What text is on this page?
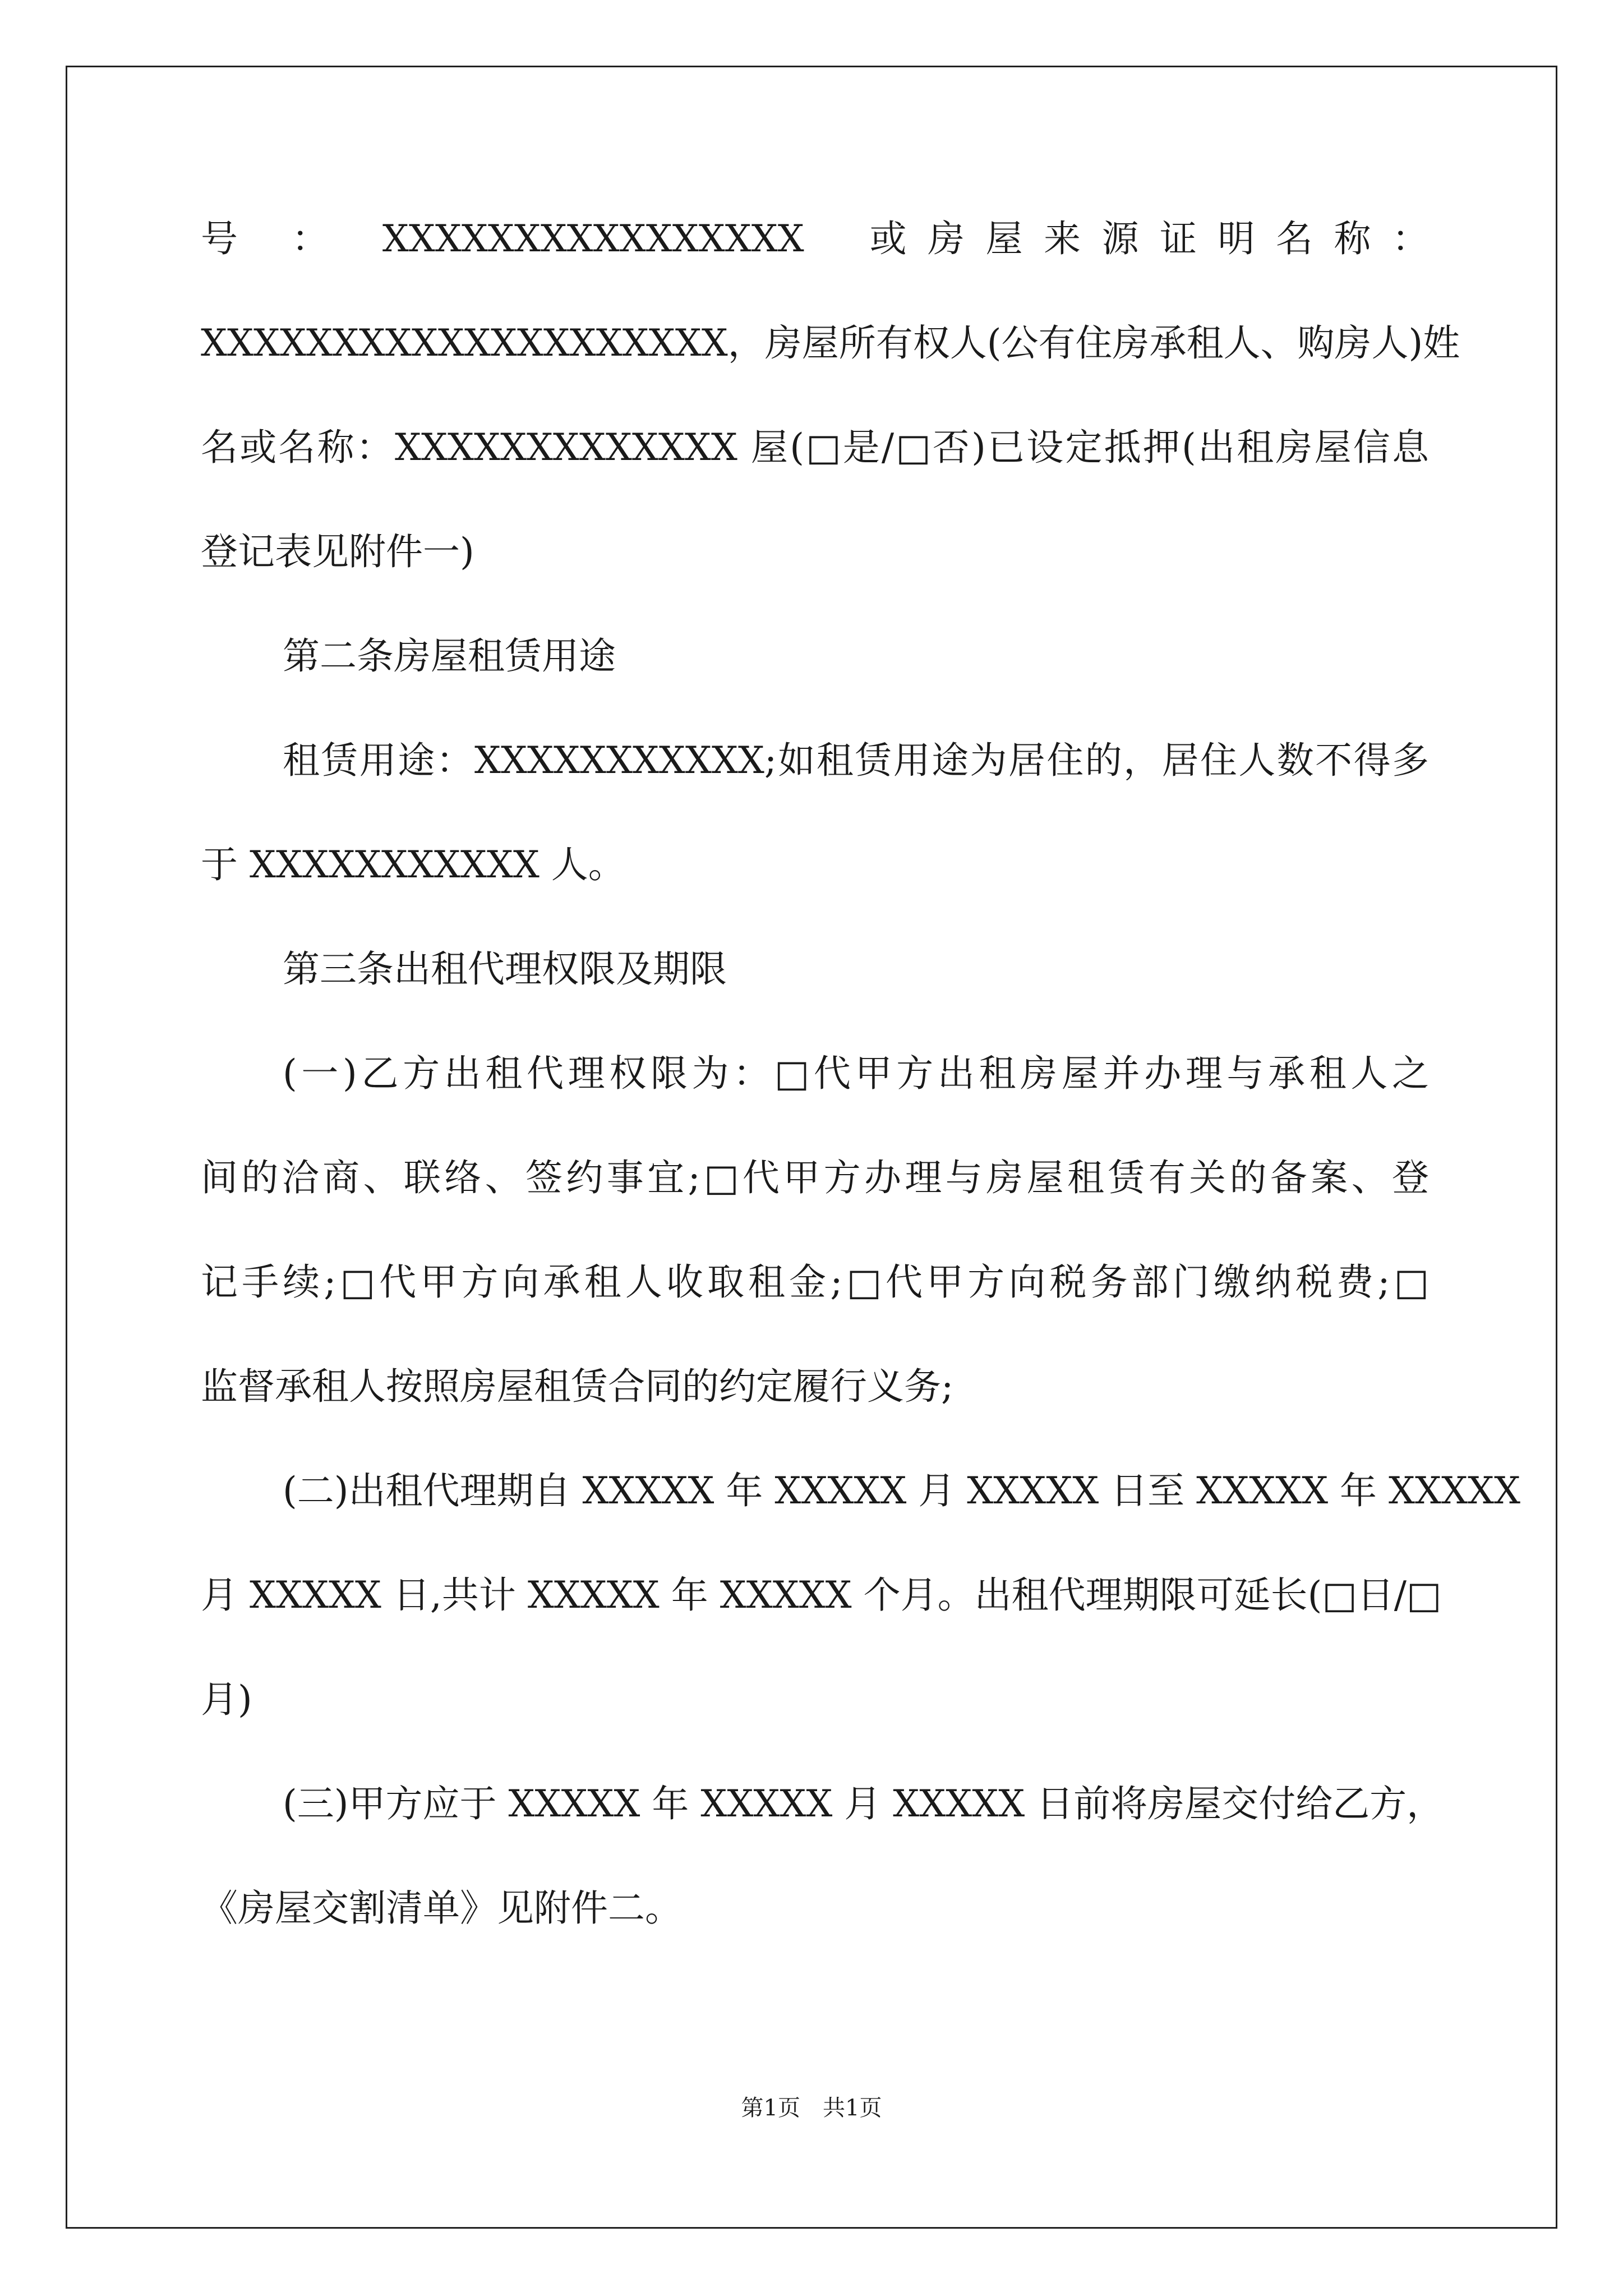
号 ： XXXXXXXXXXXXXXXX  或房屋来源证明名称：
XXXXXXXXXXXXXXXXXXXX，房屋所有权人(公有住房承租人、购房人)姓
名或名称：XXXXXXXXXXXXX 屋(□是/□否)已设定抵押(出租房屋信息
登记表见附件一)
第二条房屋租赁用途
租赁用途：XXXXXXXXXXX;如租赁用途为居住的，居住人数不得多
于 XXXXXXXXXXX 人。
第三条出租代理权限及期限
(一)乙方出租代理权限为：□代甲方出租房屋并办理与承租人之
间的洽商、联络、签约事宜;□代甲方办理与房屋租赁有关的备案、登
记手续;□代甲方向承租人收取租金;□代甲方向税务部门缴纳税费;□
监督承租人按照房屋租赁合同的约定履行义务;
(二)出租代理期自 XXXXX 年 XXXXX 月 XXXXX 日至 XXXXX 年 XXXXX
月 XXXXX 日,共计 XXXXX 年 XXXXX 个月。出租代理期限可延长(□日/□
月)
(三)甲方应于 XXXXX 年 XXXXX 月 XXXXX 日前将房屋交付给乙方，
《房屋交割清单》见附件二。
第1页　共1页
